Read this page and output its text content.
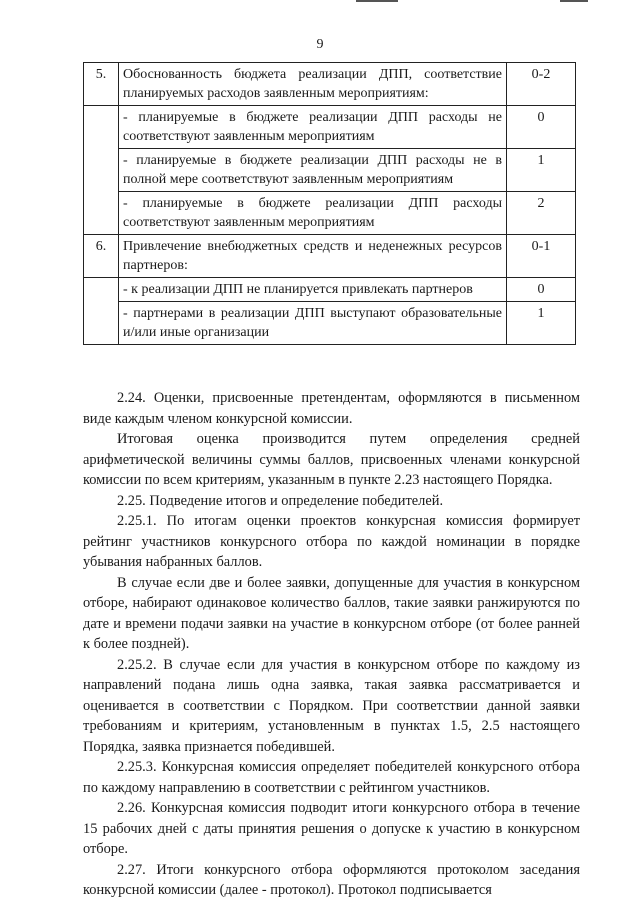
9
5.	Обоснованность бюджета реализации ДПП, соответствие планируемых расходов заявленным мероприятиям:	0-2
	- планируемые в бюджете реализации ДПП расходы не соответствуют заявленным мероприятиям	0
	- планируемые в бюджете реализации ДПП расходы не в полной мере соответствуют заявленным мероприятиям	1
	- планируемые в бюджете реализации ДПП расходы соответствуют заявленным мероприятиям	2
6.	Привлечение внебюджетных средств и неденежных ресурсов партнеров:	0-1
	- к реализации ДПП не планируется привлекать партнеров	0
	- партнерами в реализации ДПП выступают образовательные и/или иные организации	1

2.24. Оценки, присвоенные претендентам, оформляются в письменном виде каждым членом конкурсной комиссии.

Итоговая оценка производится путем определения средней арифметической величины суммы баллов, присвоенных членами конкурсной комиссии по всем критериям, указанным в пункте 2.23 настоящего Порядка.

2.25. Подведение итогов и определение победителей.

2.25.1. По итогам оценки проектов конкурсная комиссия формирует рейтинг участников конкурсного отбора по каждой номинации в порядке убывания набранных баллов.

В случае если две и более заявки, допущенные для участия в конкурсном отборе, набирают одинаковое количество баллов, такие заявки ранжируются по дате и времени подачи заявки на участие в конкурсном отборе (от более ранней к более поздней).

2.25.2. В случае если для участия в конкурсном отборе по каждому из направлений подана лишь одна заявка, такая заявка рассматривается и оценивается в соответствии с Порядком. При соответствии данной заявки требованиям и критериям, установленным в пунктах 1.5, 2.5 настоящего Порядка, заявка признается победившей.

2.25.3. Конкурсная комиссия определяет победителей конкурсного отбора по каждому направлению в соответствии с рейтингом участников.

2.26. Конкурсная комиссия подводит итоги конкурсного отбора в течение 15 рабочих дней с даты принятия решения о допуске к участию в конкурсном отборе.

2.27. Итоги конкурсного отбора оформляются протоколом заседания конкурсной комиссии (далее - протокол). Протокол подписывается
